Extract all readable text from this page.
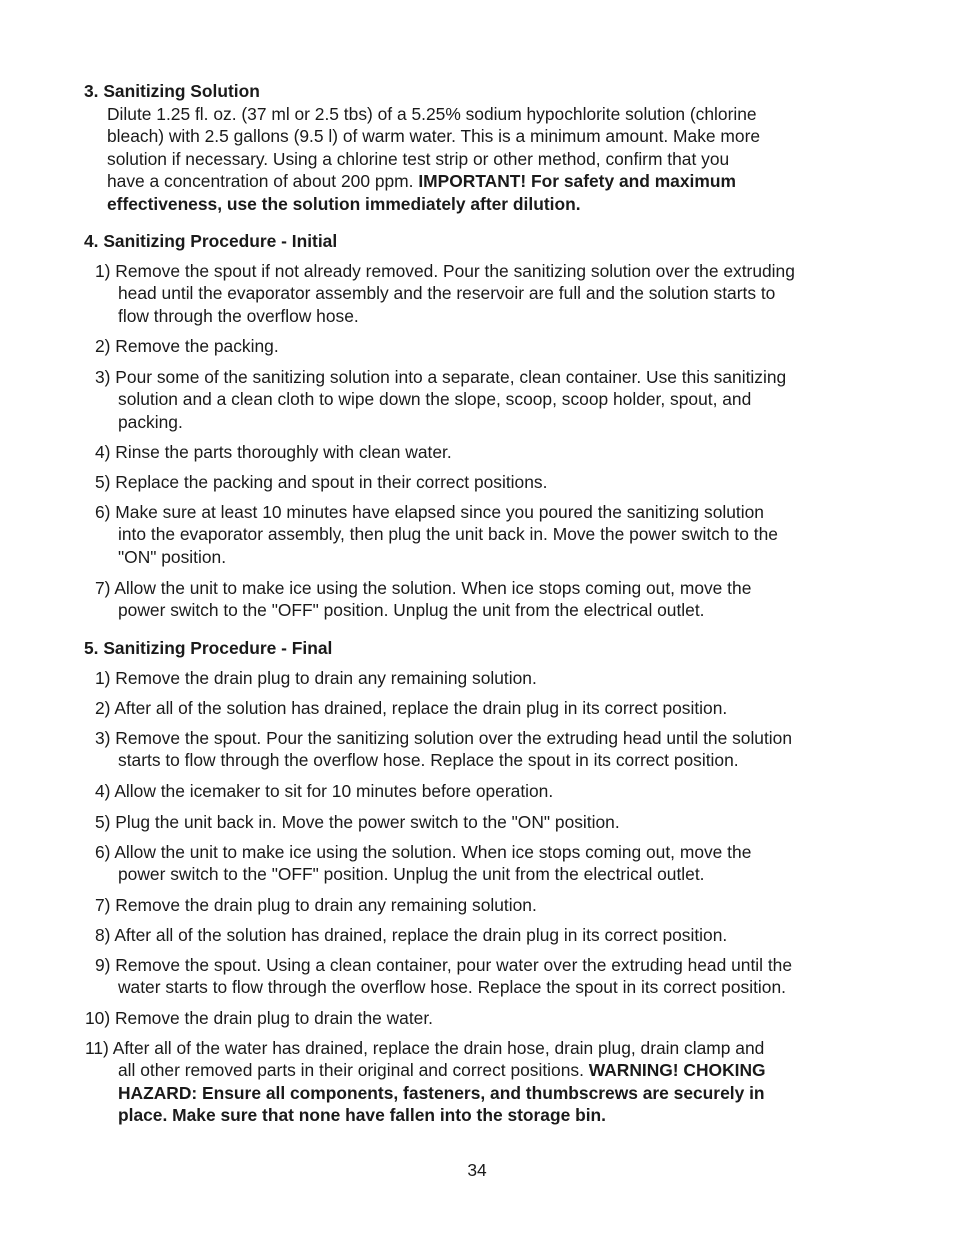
3. Sanitizing Solution
Dilute 1.25 fl. oz. (37 ml or 2.5 tbs) of a 5.25% sodium hypochlorite solution (chlorine
bleach) with 2.5 gallons (9.5 l) of warm water. This is a minimum amount. Make more
solution if necessary. Using a chlorine test strip or other method, confirm that you
have a concentration of about 200 ppm. IMPORTANT! For safety and maximum
effectiveness, use the solution immediately after dilution.
4. Sanitizing Procedure - Initial
1) Remove the spout if not already removed. Pour the sanitizing solution over the extruding
head until the evaporator assembly and the reservoir are full and the solution starts to
flow through the overflow hose.
2) Remove the packing.
3) Pour some of the sanitizing solution into a separate, clean container. Use this sanitizing
solution and a clean cloth to wipe down the slope, scoop, scoop holder, spout, and
packing.
4) Rinse the parts thoroughly with clean water.
5) Replace the packing and spout in their correct positions.
6) Make sure at least 10 minutes have elapsed since you poured the sanitizing solution
into the evaporator assembly, then plug the unit back in. Move the power switch to the
"ON" position.
7) Allow the unit to make ice using the solution. When ice stops coming out, move the
power switch to the "OFF" position. Unplug the unit from the electrical outlet.
5. Sanitizing Procedure - Final
1) Remove the drain plug to drain any remaining solution.
2) After all of the solution has drained, replace the drain plug in its correct position.
3) Remove the spout. Pour the sanitizing solution over the extruding head until the solution
starts to flow through the overflow hose. Replace the spout in its correct position.
4) Allow the icemaker to sit for 10 minutes before operation.
5) Plug the unit back in. Move the power switch to the "ON" position.
6) Allow the unit to make ice using the solution. When ice stops coming out, move the
power switch to the "OFF" position. Unplug the unit from the electrical outlet.
7) Remove the drain plug to drain any remaining solution.
8) After all of the solution has drained, replace the drain plug in its correct position.
9) Remove the spout. Using a clean container, pour water over the extruding head until the
water starts to flow through the overflow hose. Replace the spout in its correct position.
10) Remove the drain plug to drain the water.
11) After all of the water has drained, replace the drain hose, drain plug, drain clamp and
all other removed parts in their original and correct positions. WARNING! CHOKING
HAZARD: Ensure all components, fasteners, and thumbscrews are securely in
place. Make sure that none have fallen into the storage bin.
34
